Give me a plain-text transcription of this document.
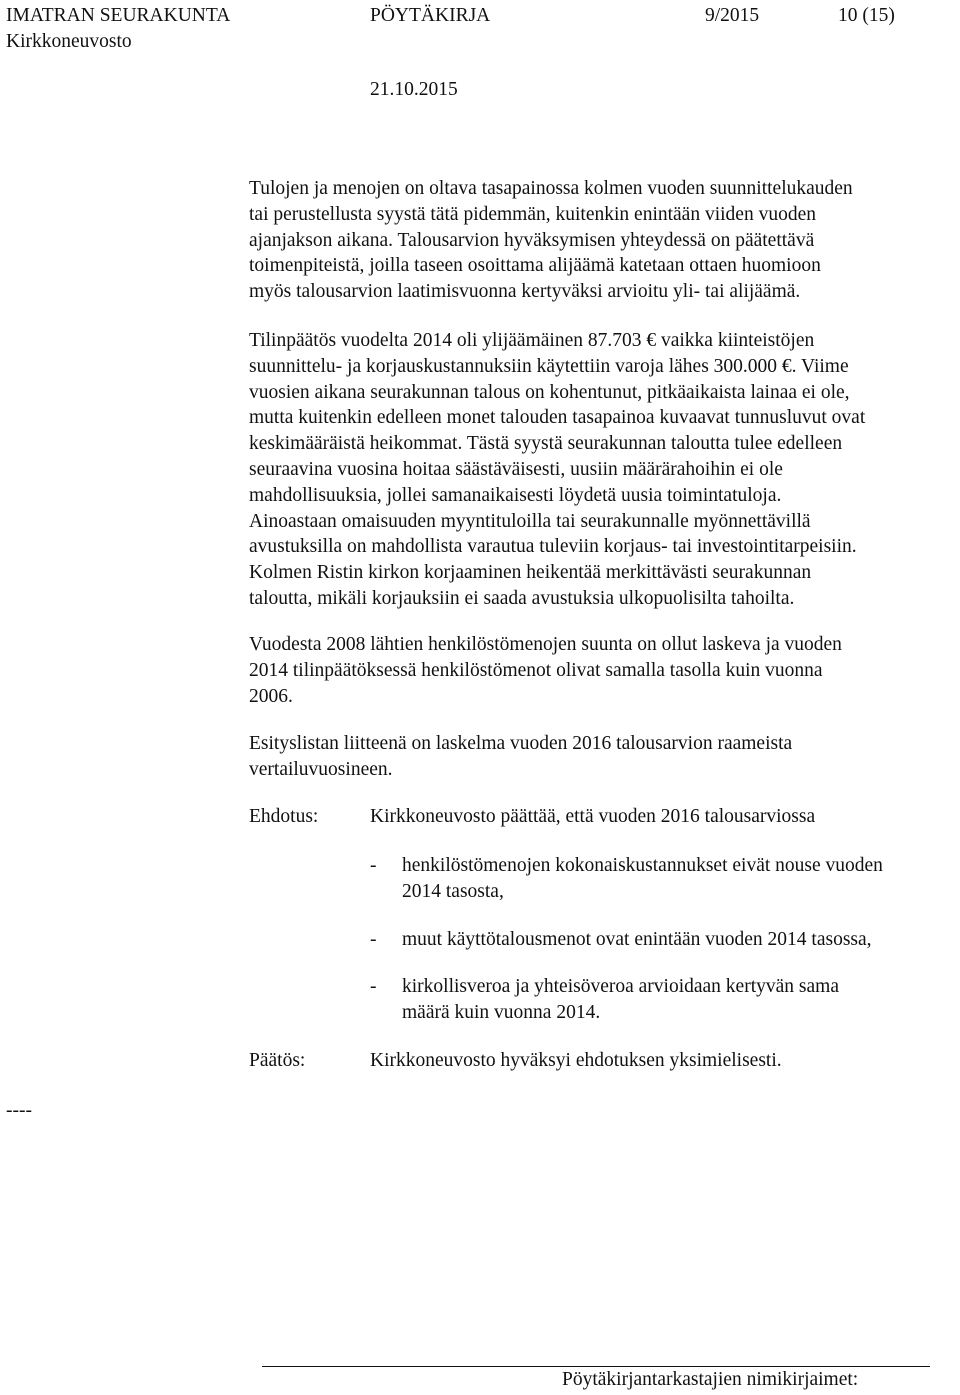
IMATRAN SEURAKUNTA	PÖYTÄKIRJA	9/2015	10 (15)
Kirkkoneuvosto
21.10.2015
Tulojen ja menojen on oltava tasapainossa kolmen vuoden suunnittelukauden
tai perustellusta syystä tätä pidemmän, kuitenkin enintään viiden vuoden
ajanjakson aikana. Talousarvion hyväksymisen yhteydessä on päätettävä
toimenpiteistä, joilla taseen osoittama alijäämä katetaan ottaen huomioon
myös talousarvion laatimisvuonna kertyväksi arvioitu yli- tai alijäämä.
Tilinpäätös vuodelta 2014 oli ylijäämäinen 87.703 € vaikka kiinteistöjen
suunnittelu- ja korjauskustannuksiin käytettiin varoja lähes 300.000 €. Viime
vuosien aikana seurakunnan talous on kohentunut, pitkäaikaista lainaa ei ole,
mutta kuitenkin edelleen monet talouden tasapainoa kuvaavat tunnusluvut ovat
keskimääräistä heikommat. Tästä syystä seurakunnan taloutta tulee edelleen
seuraavina vuosina hoitaa säästäväisesti, uusiin määrärahoihin ei ole
mahdollisuuksia, jollei samanaikaisesti löydetä uusia toimintatuloja.
Ainoastaan omaisuuden myyntituloilla tai seurakunnalle myönnettävillä
avustuksilla on mahdollista varautua tuleviin korjaus- tai investointitarpeisiin.
Kolmen Ristin kirkon korjaaminen heikentää merkittävästi seurakunnan
taloutta, mikäli korjauksiin ei saada avustuksia ulkopuolisilta tahoilta.
Vuodesta 2008 lähtien henkilöstömenojen suunta on ollut laskeva ja vuoden
2014 tilinpäätöksessä henkilöstömenot olivat samalla tasolla kuin vuonna
2006.
Esityslistan liitteenä on laskelma vuoden 2016 talousarvion raameista
vertailuvuosineen.
Ehdotus:	Kirkkoneuvosto päättää, että vuoden 2016 talousarviossa
- henkilöstömenojen kokonaiskustannukset eivät nouse vuoden
2014 tasosta,
- muut käyttötalousmenot ovat enintään vuoden 2014 tasossa,
- kirkollisveroa ja yhteisöveroa arvioidaan kertyvän sama
määrä kuin vuonna 2014.
Päätös:	Kirkkoneuvosto hyväksyi ehdotuksen yksimielisesti.
----
Pöytäkirjantarkastajien nimikirjaimet:
